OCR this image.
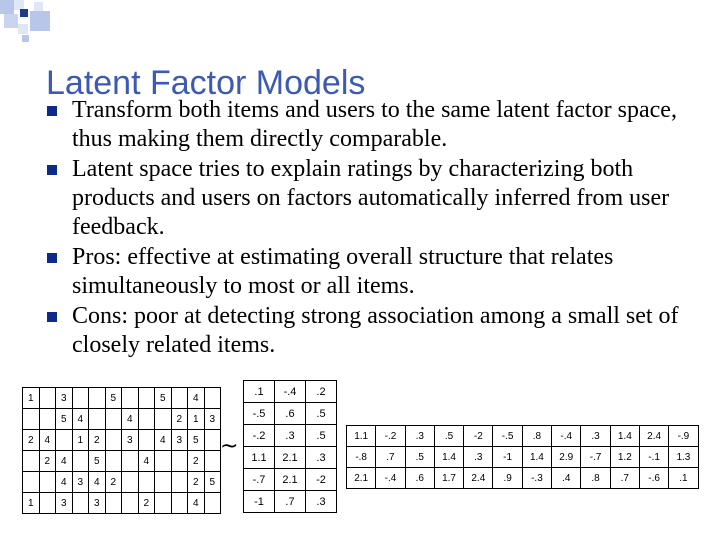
Latent Factor Models
Transform both items and users to the same latent factor space, thus making them directly comparable.
Latent space tries to explain ratings by characterizing both products and users on factors automatically inferred from user feedback.
Pros: effective at estimating overall structure that relates simultaneously to most or all items.
Cons: poor at detecting strong association among a small set of closely related items.
1		3			5			5		4	
		5	4			4			2	1	3
2	4		1	2		3		4	3	5	
	2	4		5			4			2	
		4	3	4	2					2	5
1		3		3			2			4	
~
.1	-.4	.2
-.5	.6	.5
-.2	.3	.5
1.1	2.1	.3
-.7	2.1	-2
-1	.7	.3
1.1	-.2	.3	.5	-2	-.5	.8	-.4	.3	1.4	2.4	-.9
-.8	.7	.5	1.4	.3	-1	1.4	2.9	-.7	1.2	-.1	1.3
2.1	-.4	.6	1.7	2.4	.9	-.3	.4	.8	.7	-.6	.1
